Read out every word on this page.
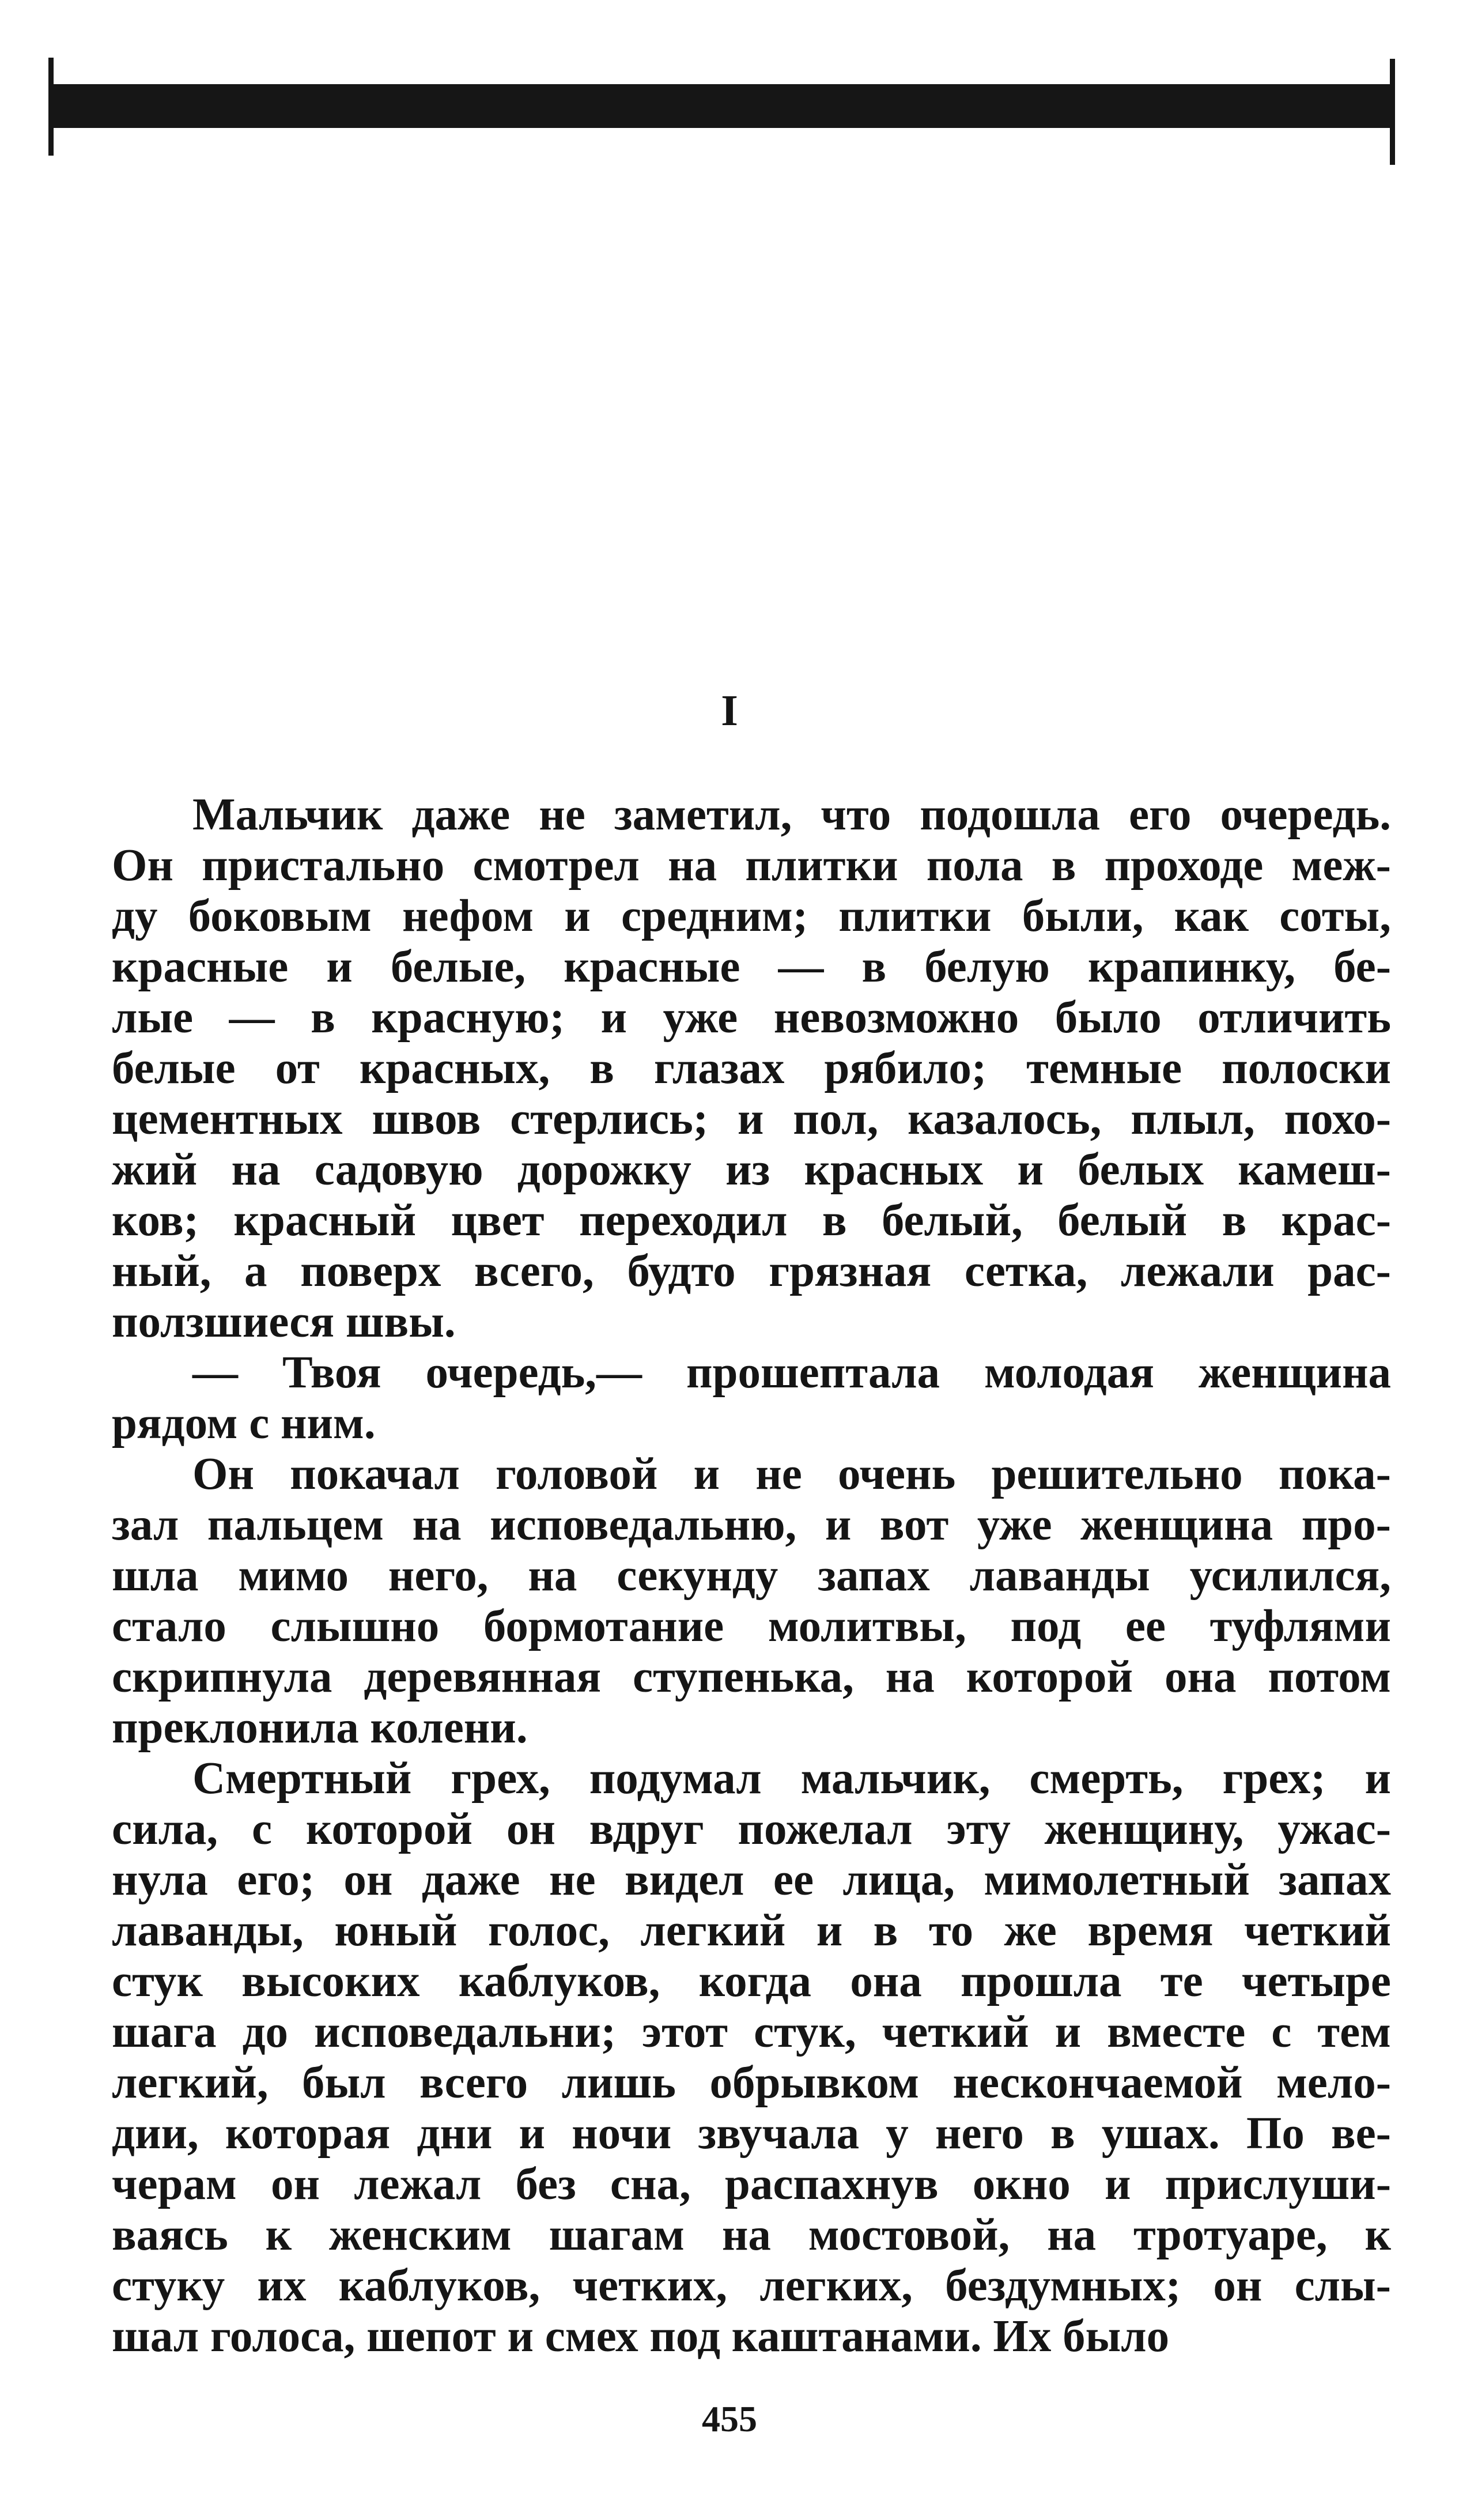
I
Мальчик даже не заметил, что подошла его очередь.
Он пристально смотрел на плитки пола в проходе меж-
ду боковым нефом и средним; плитки были, как соты,
красные и белые, красные — в белую крапинку, бе-
лые — в красную; и уже невозможно было отличить
белые от красных, в глазах рябило; темные полоски
цементных швов стерлись; и пол, казалось, плыл, похо-
жий на садовую дорожку из красных и белых камеш-
ков; красный цвет переходил в белый, белый в крас-
ный, а поверх всего, будто грязная сетка, лежали рас-
ползшиеся швы.
— Твоя очередь,— прошептала молодая женщина
рядом с ним.
Он покачал головой и не очень решительно пока-
зал пальцем на исповедальню, и вот уже женщина про-
шла мимо него, на секунду запах лаванды усилился,
стало слышно бормотание молитвы, под ее туфлями
скрипнула деревянная ступенька, на которой она потом
преклонила колени.
Смертный грех, подумал мальчик, смерть, грех; и
сила, с которой он вдруг пожелал эту женщину, ужас-
нула его; он даже не видел ее лица, мимолетный запах
лаванды, юный голос, легкий и в то же время четкий
стук высоких каблуков, когда она прошла те четыре
шага до исповедальни; этот стук, четкий и вместе с тем
легкий, был всего лишь обрывком нескончаемой мело-
дии, которая дни и ночи звучала у него в ушах. По ве-
черам он лежал без сна, распахнув окно и прислуши-
ваясь к женским шагам на мостовой, на тротуаре, к
стуку их каблуков, четких, легких, бездумных; он слы-
шал голоса, шепот и смех под каштанами. Их было
455
